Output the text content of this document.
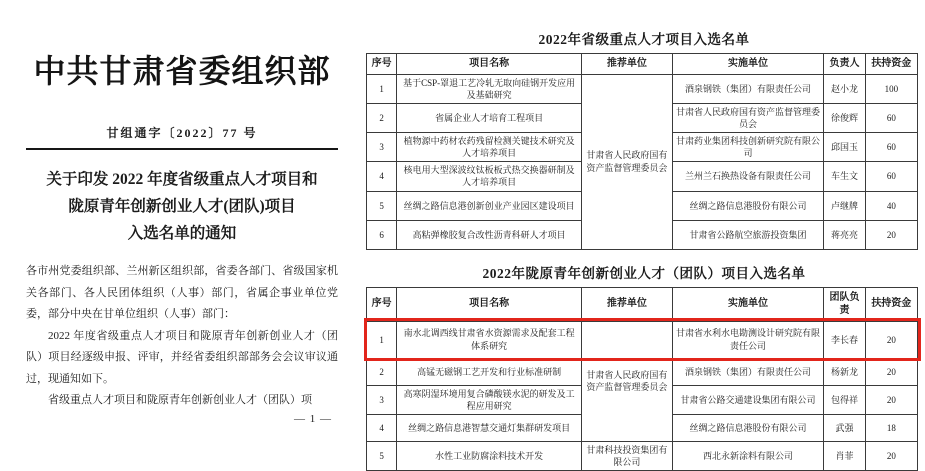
中共甘肃省委组织部
甘组通字〔2022〕77 号
关于印发 2022 年度省级重点人才项目和
陇原青年创新创业人才(团队)项目
入选名单的通知

各市州党委组织部、兰州新区组织部，省委各部门、省级国家机关各部门、各人民团体组织（人事）部门，省属企事业单位党委，部分中央在甘单位组织（人事）部门：

2022 年度省级重点人才项目和陇原青年创新创业人才（团队）项目经逐级申报、评审，并经省委组织部部务会会议审议通过，现通知如下。

省级重点人才项目和陇原青年创新创业人才（团队）项

— 1 —
2022年省级重点人才项目入选名单
序号	项目名称	推荐单位	实施单位	负责人	扶持资金
1	基于CSP-罩退工艺冷轧无取向硅钢开发应用及基础研究	甘肃省人民政府国有资产监督管理委员会	酒泉钢铁（集团）有限责任公司	赵小龙	100
2	省属企业人才培育工程项目		甘肃省人民政府国有资产监督管理委员会	徐俊辉	60
3	植物源中药材农药残留检测关键技术研究及人才培养项目		甘肃药业集团科技创新研究院有限公司	邱国玉	60
4	核电用大型深波纹钛板板式热交换器研制及人才培养项目		兰州兰石换热设备有限责任公司	车生文	60
5	丝绸之路信息港创新创业产业园区建设项目		丝绸之路信息港股份有限公司	卢继牌	40
6	高粘弹橡胶复合改性沥青科研人才项目		甘肃省公路航空旅游投资集团	蒋亮亮	20
2022年陇原青年创新创业人才（团队）项目入选名单
序号	项目名称	推荐单位	实施单位	团队负责	扶持资金
1	南水北调西线甘肃省水资源需求及配套工程体系研究	甘肃省人民政府国有资产监督管理委员会	甘肃省水利水电勘测设计研究院有限责任公司	李长春	20
2	高锰无磁钢工艺开发和行业标准研制		酒泉钢铁（集团）有限责任公司	杨新龙	20
3	高寒阴湿环境用复合磷酸镁水泥的研发及工程应用研究		甘肃省公路交通建设集团有限公司	包得祥	20
4	丝绸之路信息港智慧交通灯集群研发项目		丝绸之路信息港股份有限公司	武强	18
5	水性工业防腐涂料技术开发	甘肃科技投资集团有限公司	西北永新涂料有限公司	肖菲	20
